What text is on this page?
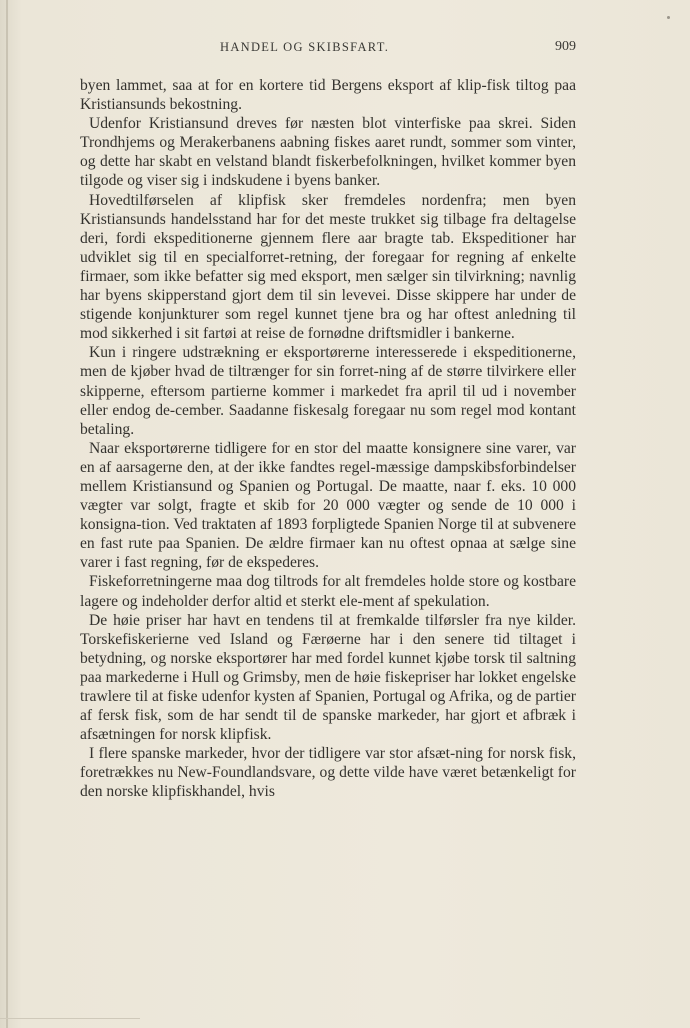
HANDEL OG SKIBSFART.	909

byen lammet, saa at for en kortere tid Bergens eksport af klip-fisk tiltog paa Kristiansunds bekostning.

Udenfor Kristiansund dreves før næsten blot vinterfiske paa skrei. Siden Trondhjems og Merakerbanens aabning fiskes aaret rundt, sommer som vinter, og dette har skabt en velstand blandt fiskerbefolkningen, hvilket kommer byen tilgode og viser sig i indskudene i byens banker.

Hovedtilførselen af klipfisk sker fremdeles nordenfra; men byen Kristiansunds handelsstand har for det meste trukket sig tilbage fra deltagelse deri, fordi ekspeditionerne gjennem flere aar bragte tab. Ekspeditioner har udviklet sig til en specialforret-retning, der foregaar for regning af enkelte firmaer, som ikke befatter sig med eksport, men sælger sin tilvirkning; navnlig har byens skipperstand gjort dem til sin levevei. Disse skippere har under de stigende konjunkturer som regel kunnet tjene bra og har oftest anledning til mod sikkerhed i sit fartøi at reise de fornødne driftsmidler i bankerne.

Kun i ringere udstrækning er eksportørerne interesserede i ekspeditionerne, men de kjøber hvad de tiltrænger for sin forret-ning af de større tilvirkere eller skipperne, eftersom partierne kommer i markedet fra april til ud i november eller endog de-cember. Saadanne fiskesalg foregaar nu som regel mod kontant betaling.

Naar eksportørerne tidligere for en stor del maatte konsignere sine varer, var en af aarsagerne den, at der ikke fandtes regel-mæssige dampskibsforbindelser mellem Kristiansund og Spanien og Portugal. De maatte, naar f. eks. 10 000 vægter var solgt, fragte et skib for 20 000 vægter og sende de 10 000 i konsigna-tion. Ved traktaten af 1893 forpligtede Spanien Norge til at subvenere en fast rute paa Spanien. De ældre firmaer kan nu oftest opnaa at sælge sine varer i fast regning, før de ekspederes.

Fiskeforretningerne maa dog tiltrods for alt fremdeles holde store og kostbare lagere og indeholder derfor altid et sterkt ele-ment af spekulation.

De høie priser har havt en tendens til at fremkalde tilførsler fra nye kilder. Torskefiskerierne ved Island og Færøerne har i den senere tid tiltaget i betydning, og norske eksportører har med fordel kunnet kjøbe torsk til saltning paa markederne i Hull og Grimsby, men de høie fiskepriser har lokket engelske trawlere til at fiske udenfor kysten af Spanien, Portugal og Afrika, og de partier af fersk fisk, som de har sendt til de spanske markeder, har gjort et afbræk i afsætningen for norsk klipfisk.

I flere spanske markeder, hvor der tidligere var stor afsæt-ning for norsk fisk, foretrækkes nu New-Foundlandsvare, og dette vilde have været betænkeligt for den norske klipfiskhandel, hvis
